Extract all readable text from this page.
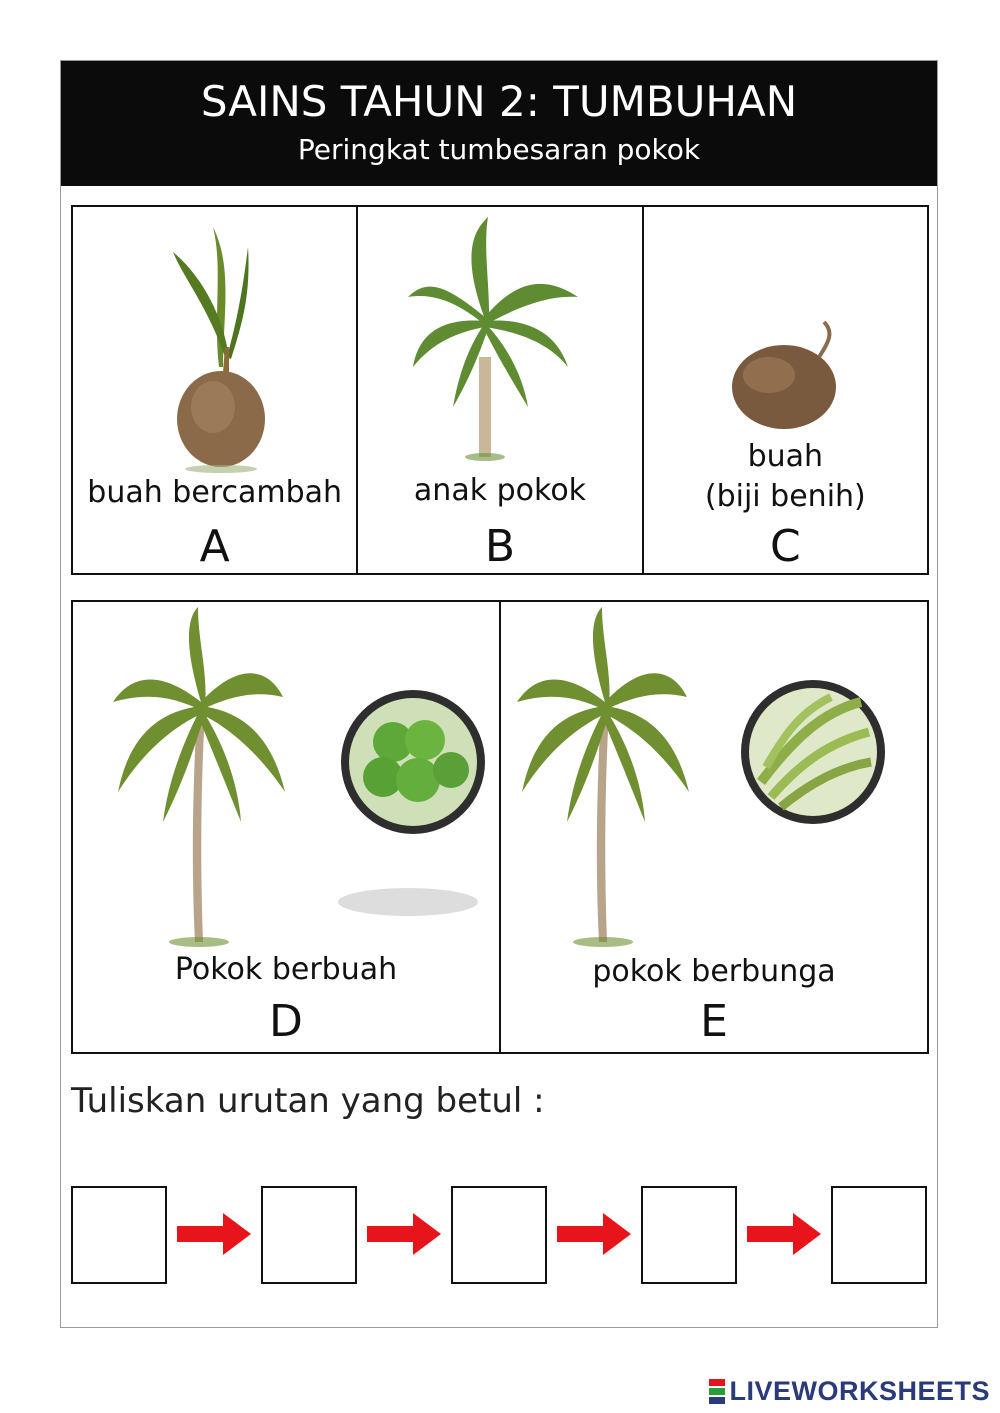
SAINS TAHUN 2: TUMBUHAN
Peringkat tumbesaran pokok
buah bercambah
A
anak pokok
B
buah
(biji benih)
C
Pokok berbuah
D
pokok berbunga
E
Tuliskan urutan yang betul :
LIVEWORKSHEETS
